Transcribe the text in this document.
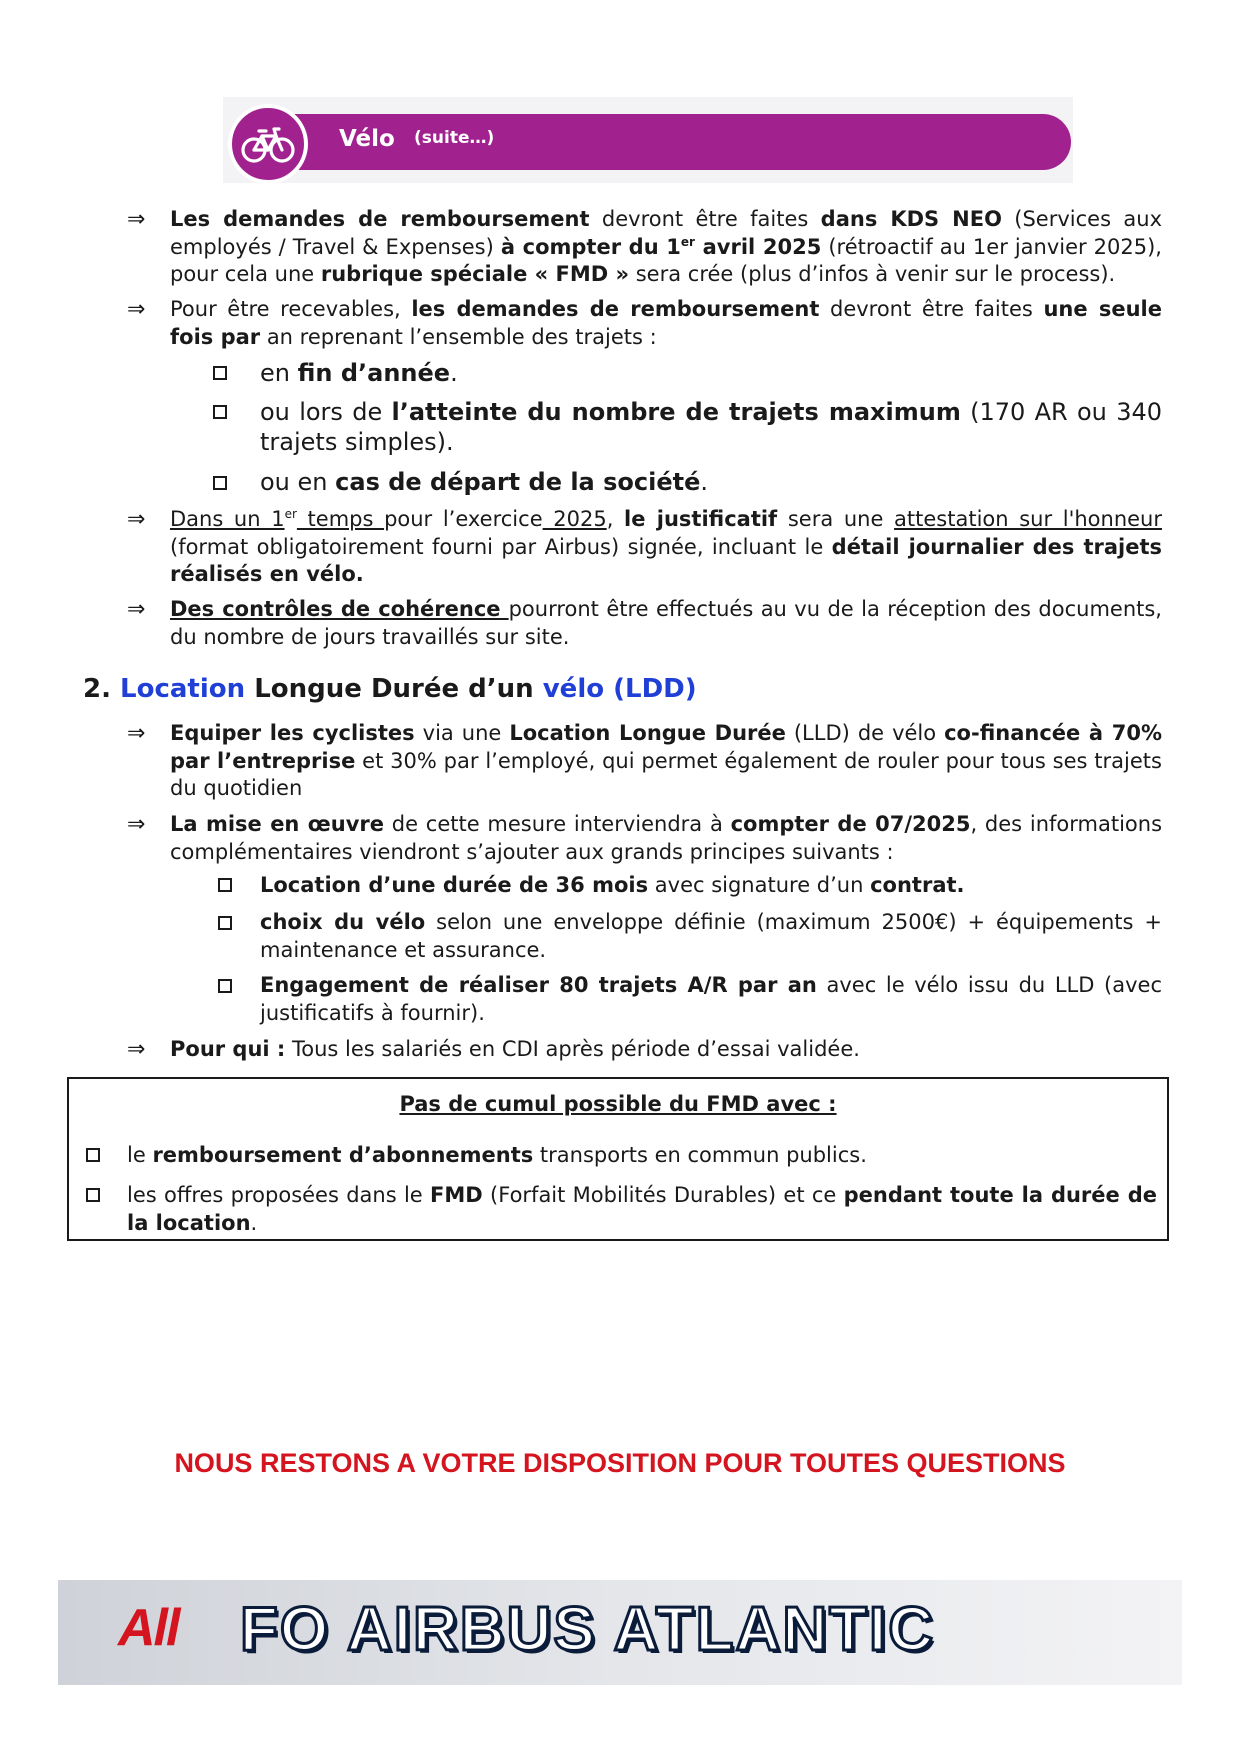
Vélo (suite…)
⇒	Les demandes de remboursement devront être faites dans KDS NEO (Services aux employés / Travel & Expenses) à compter du 1er avril 2025 (rétroactif au 1er janvier 2025), pour cela une rubrique spéciale « FMD » sera crée (plus d’infos à venir sur le process).
⇒	Pour être recevables, les demandes de remboursement devront être faites une seule fois par an reprenant l’ensemble des trajets :
en fin d’année.
ou lors de l’atteinte du nombre de trajets maximum (170 AR ou 340 trajets simples).
ou en cas de départ de la société.
⇒	Dans un 1er temps pour l’exercice 2025, le justificatif sera une attestation sur l'honneur (format obligatoirement fourni par Airbus) signée, incluant le détail journalier des trajets réalisés en vélo.
⇒	Des contrôles de cohérence pourront être effectués au vu de la réception des documents, du nombre de jours travaillés sur site.
2. Location Longue Durée d’un vélo (LDD)
⇒	Equiper les cyclistes via une Location Longue Durée (LLD) de vélo co-financée à 70% par l’entreprise et 30% par l’employé, qui permet également de rouler pour tous ses trajets du quotidien
⇒	La mise en œuvre de cette mesure interviendra à compter de 07/2025, des informations complémentaires viendront s’ajouter aux grands principes suivants :
Location d’une durée de 36 mois avec signature d’un contrat.
choix du vélo selon une enveloppe définie (maximum 2500€) + équipements + maintenance et assurance.
Engagement de réaliser 80 trajets A/R par an avec le vélo issu du LLD (avec justificatifs à fournir).
⇒	Pour qui : Tous les salariés en CDI après période d’essai validée.
Pas de cumul possible du FMD avec :
le remboursement d’abonnements transports en commun publics.
les offres proposées dans le FMD (Forfait Mobilités Durables) et ce pendant toute la durée de la location.
NOUS RESTONS A VOTRE DISPOSITION POUR TOUTES QUESTIONS
All FO AIRBUS ATLANTIC
